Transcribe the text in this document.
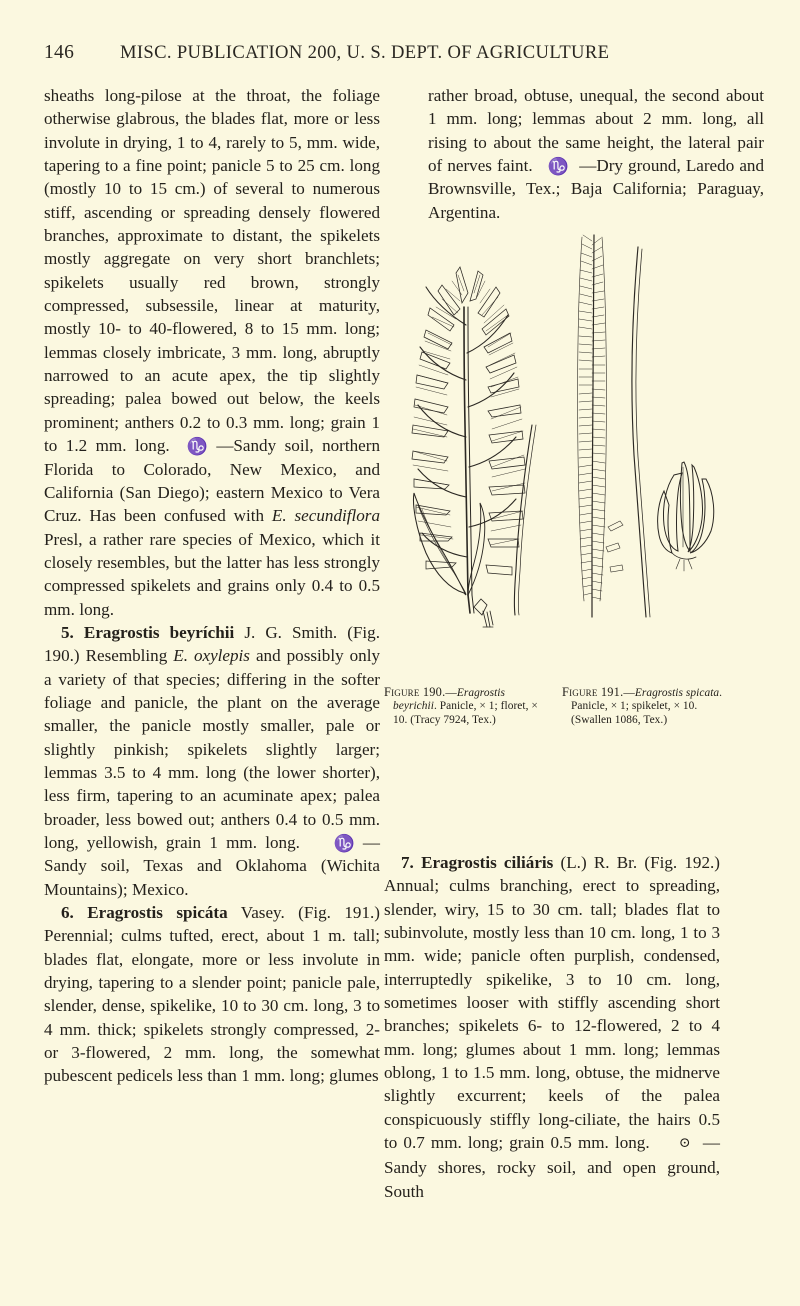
146	MISC. PUBLICATION 200, U. S. DEPT. OF AGRICULTURE

sheaths long-pilose at the throat, the foliage otherwise glabrous, the blades flat, more or less involute in drying, 1 to 4, rarely to 5, mm. wide, tapering to a fine point; panicle 5 to 25 cm. long (mostly 10 to 15 cm.) of several to numerous stiff, ascending or spreading densely flowered branches, approximate to distant, the spikelets mostly aggregate on very short branchlets; spikelets usually red brown, strongly compressed, subsessile, linear at maturity, mostly 10- to 40-flowered, 8 to 15 mm. long; lemmas closely imbricate, 3 mm. long, abruptly narrowed to an acute apex, the tip slightly spreading; palea bowed out below, the keels prominent; anthers 0.2 to 0.3 mm. long; grain 1 to 1.2 mm. long. ♑ —Sandy soil, northern Florida to Colorado, New Mexico, and California (San Diego); eastern Mexico to Vera Cruz. Has been confused with E. secundiflora Presl, a rather rare species of Mexico, which it closely resembles, but the latter has less strongly compressed spikelets and grains only 0.4 to 0.5 mm. long.

5. Eragrostis beyríchii J. G. Smith. (Fig. 190.) Resembling E. oxylepis and possibly only a variety of that species; differing in the softer foliage and panicle, the plant on the average smaller, the panicle mostly smaller, pale or slightly pinkish; spikelets slightly larger; lemmas 3.5 to 4 mm. long (the lower shorter), less firm, tapering to an acuminate apex; palea broader, less bowed out; anthers 0.4 to 0.5 mm. long, yellowish, grain 1 mm. long. ♑ —Sandy soil, Texas and Oklahoma (Wichita Mountains); Mexico.

6. Eragrostis spicáta Vasey. (Fig. 191.) Perennial; culms tufted, erect, about 1 m. tall; blades flat, elongate, more or less involute in drying, tapering to a slender point; panicle pale, slender, dense, spikelike, 10 to 30 cm. long, 3 to 4 mm. thick; spikelets strongly compressed, 2- or 3-flowered, 2 mm. long, the somewhat pubescent pedicels less than 1 mm. long; glumes

rather broad, obtuse, unequal, the second about 1 mm. long; lemmas about 2 mm. long, all rising to about the same height, the lateral pair of nerves faint. ♑ —Dry ground, Laredo and Brownsville, Tex.; Baja California; Paraguay, Argentina.

Figure 190.—Eragrostis beyrichii. Panicle, × 1; floret, × 10. (Tracy 7924, Tex.)
Figure 191.—Eragrostis spicata. Panicle, × 1; spikelet, × 10. (Swallen 1086, Tex.)

7. Eragrostis ciliáris (L.) R. Br. (Fig. 192.) Annual; culms branching, erect to spreading, slender, wiry, 15 to 30 cm. tall; blades flat to subinvolute, mostly less than 10 cm. long, 1 to 3 mm. wide; panicle often purplish, condensed, interruptedly spikelike, 3 to 10 cm. long, sometimes looser with stiffly ascending short branches; spikelets 6- to 12-flowered, 2 to 4 mm. long; glumes about 1 mm. long; lemmas oblong, 1 to 1.5 mm. long, obtuse, the midnerve slightly excurrent; keels of the palea conspicuously stiffly long-ciliate, the hairs 0.5 to 0.7 mm. long; grain 0.5 mm. long. ⊙ —Sandy shores, rocky soil, and open ground, South
